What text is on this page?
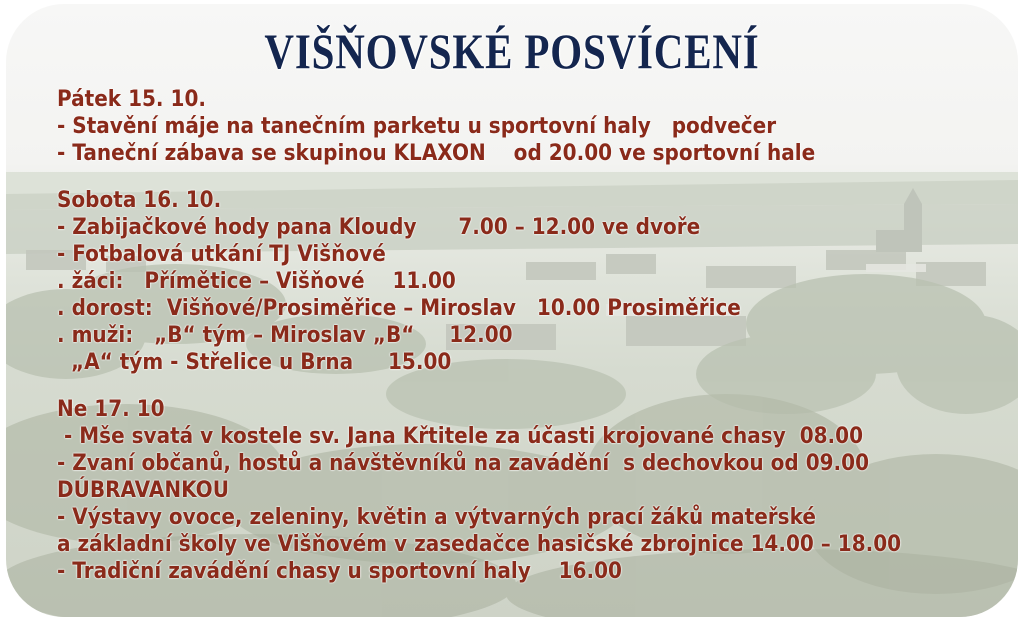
VIŠŇOVSKÉ POSVÍCENÍ
Pátek 15. 10.
- Stavění máje na tanečním parketu u sportovní haly   podvečer
- Taneční zábava se skupinou KLAXON    od 20.00 ve sportovní hale
Sobota 16. 10.
- Zabijačkové hody pana Kloudy      7.00 – 12.00 ve dvoře
- Fotbalová utkání TJ Višňové
. žáci:   Přímětice – Višňové    11.00
. dorost:  Višňové/Prosiměřice – Miroslav   10.00 Prosiměřice
. muži:   „B“ tým – Miroslav „B“     12.00
„A“ tým - Střelice u Brna     15.00
Ne 17. 10
- Mše svatá v kostele sv. Jana Křtitele za účasti krojované chasy  08.00
- Zvaní občanů, hostů a návštěvníků na zavádění  s dechovkou od 09.00
DÚBRAVANKOU
- Výstavy ovoce, zeleniny, květin a výtvarných prací žáků mateřské
a základní školy ve Višňovém v zasedačce hasičské zbrojnice 14.00 – 18.00
- Tradiční zavádění chasy u sportovní haly    16.00
